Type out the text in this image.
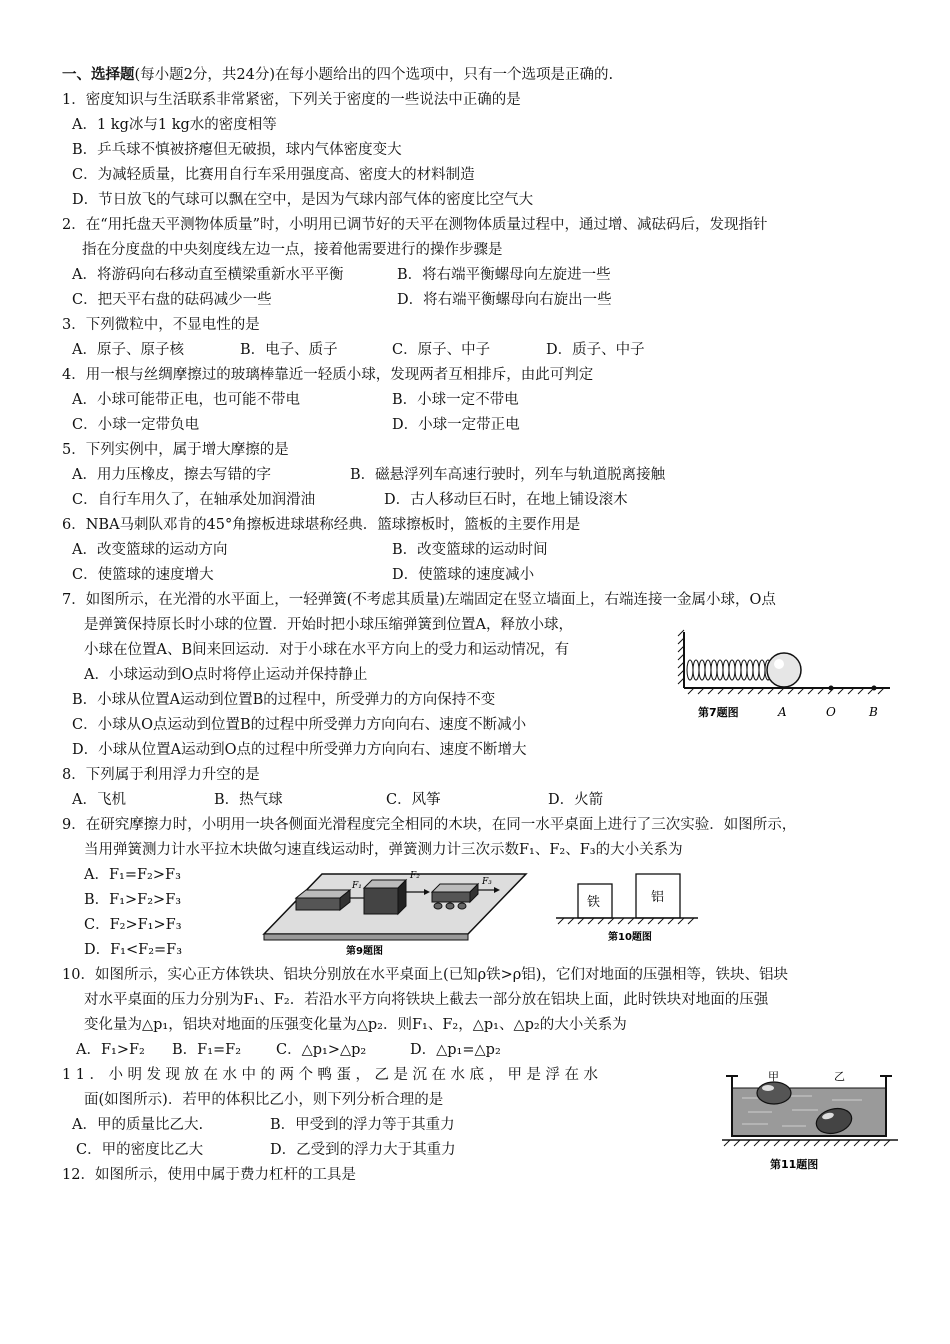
一、选择题(每小题2分，共24分)在每小题给出的四个选项中，只有一个选项是正确的.
1．密度知识与生活联系非常紧密，下列关于密度的一些说法中正确的是
A．1 kg冰与1 kg水的密度相等
B．乒乓球不慎被挤瘪但无破损，球内气体密度变大
C．为减轻质量，比赛用自行车采用强度高、密度大的材料制造
D．节日放飞的气球可以飘在空中，是因为气球内部气体的密度比空气大
2．在“用托盘天平测物体质量”时，小明用已调节好的天平在测物体质量过程中，通过增、减砝码后，发现指针
指在分度盘的中央刻度线左边一点，接着他需要进行的操作步骤是
A．将游码向右移动直至横梁重新水平平衡	B．将右端平衡螺母向左旋进一些
C．把天平右盘的砝码减少一些	D．将右端平衡螺母向右旋出一些
3．下列微粒中，不显电性的是
A．原子、原子核	B．电子、质子	C．原子、中子	D．质子、中子
4．用一根与丝绸摩擦过的玻璃棒靠近一轻质小球，发现两者互相排斥，由此可判定
A．小球可能带正电，也可能不带电	B．小球一定不带电
C．小球一定带负电	D．小球一定带正电
5．下列实例中，属于增大摩擦的是
A．用力压橡皮，擦去写错的字	B．磁悬浮列车高速行驶时，列车与轨道脱离接触
C．自行车用久了，在轴承处加润滑油	D．古人移动巨石时，在地上铺设滚木
6．NBA马刺队邓肯的45°角擦板进球堪称经典．篮球擦板时，篮板的主要作用是
A．改变篮球的运动方向	B．改变篮球的运动时间
C．使篮球的速度增大	D．使篮球的速度减小
7．如图所示，在光滑的水平面上，一轻弹簧(不考虑其质量)左端固定在竖立墙面上，右端连接一金属小球，O点
是弹簧保持原长时小球的位置．开始时把小球压缩弹簧到位置A，释放小球，
小球在位置A、B间来回运动．对于小球在水平方向上的受力和运动情况，有
A．小球运动到O点时将停止运动并保持静止
B．小球从位置A运动到位置B的过程中，所受弹力的方向保持不变
C．小球从O点运动到位置B的过程中所受弹力方向向右、速度不断减小
D．小球从位置A运动到O点的过程中所受弹力方向向右、速度不断增大
第7题图	A	O	B
8．下列属于利用浮力升空的是
A．飞机	B．热气球	C．风筝	D．火箭
9．在研究摩擦力时，小明用一块各侧面光滑程度完全相同的木块，在同一水平桌面上进行了三次实验．如图所示，
当用弹簧测力计水平拉木块做匀速直线运动时，弹簧测力计三次示数F₁、F₂、F₃的大小关系为
A．F₁=F₂>F₃
B．F₁>F₂>F₃
C．F₂>F₁>F₃
D．F₁<F₂=F₃
F₁
F₂
F₃
第9题图
铁	铝
第10题图
10．如图所示，实心正方体铁块、铝块分别放在水平桌面上(已知ρ铁>ρ铝)，它们对地面的压强相等，铁块、铝块
对水平桌面的压力分别为F₁、F₂．若沿水平方向将铁块上截去一部分放在铝块上面，此时铁块对地面的压强
变化量为△p₁，铝块对地面的压强变化量为△p₂．则F₁、F₂，△p₁、△p₂的大小关系为
A．F₁>F₂ B．F₁=F₂ C．△p₁>△p₂	D．△p₁=△p₂
11．小明发现放在水中的两个鸭蛋，乙是沉在水底，甲是浮在水
面(如图所示)．若甲的体积比乙小，则下列分析合理的是
A．甲的质量比乙大.	B．甲受到的浮力等于其重力
C．甲的密度比乙大	D．乙受到的浮力大于其重力
甲	乙
第11题图
12．如图所示，使用中属于费力杠杆的工具是
